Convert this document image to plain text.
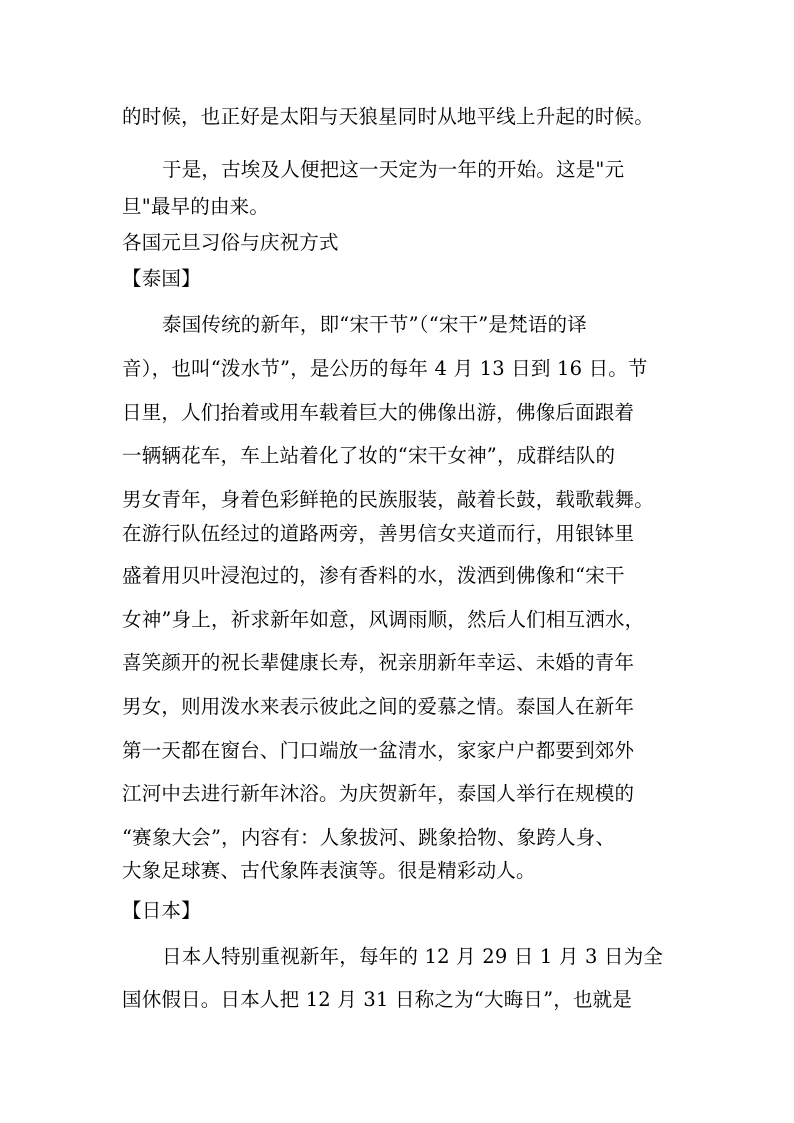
的时候，也正好是太阳与天狼星同时从地平线上升起的时候。
于是，古埃及人便把这一天定为一年的开始。这是"元
旦"最早的由来。
各国元旦习俗与庆祝方式
【泰国】
泰国传统的新年，即“宋干节”（“宋干”是梵语的译
音），也叫“泼水节”，是公历的每年 4 月 13 日到 16 日。节
日里，人们抬着或用车载着巨大的佛像出游，佛像后面跟着
一辆辆花车，车上站着化了妆的“宋干女神”，成群结队的
男女青年，身着色彩鲜艳的民族服装，敲着长鼓，载歌载舞。
在游行队伍经过的道路两旁，善男信女夹道而行，用银钵里
盛着用贝叶浸泡过的，渗有香料的水，泼洒到佛像和“宋干
女神”身上，祈求新年如意，风调雨顺，然后人们相互洒水，
喜笑颜开的祝长辈健康长寿，祝亲朋新年幸运、未婚的青年
男女，则用泼水来表示彼此之间的爱慕之情。泰国人在新年
第一天都在窗台、门口端放一盆清水，家家户户都要到郊外
江河中去进行新年沐浴。为庆贺新年，泰国人举行在规模的
“赛象大会”，内容有：人象拔河、跳象拾物、象跨人身、
大象足球赛、古代象阵表演等。很是精彩动人。
【日本】
日本人特别重视新年，每年的 12 月 29 日 1 月 3 日为全
国休假日。日本人把 12 月 31 日称之为“大晦日”，也就是
